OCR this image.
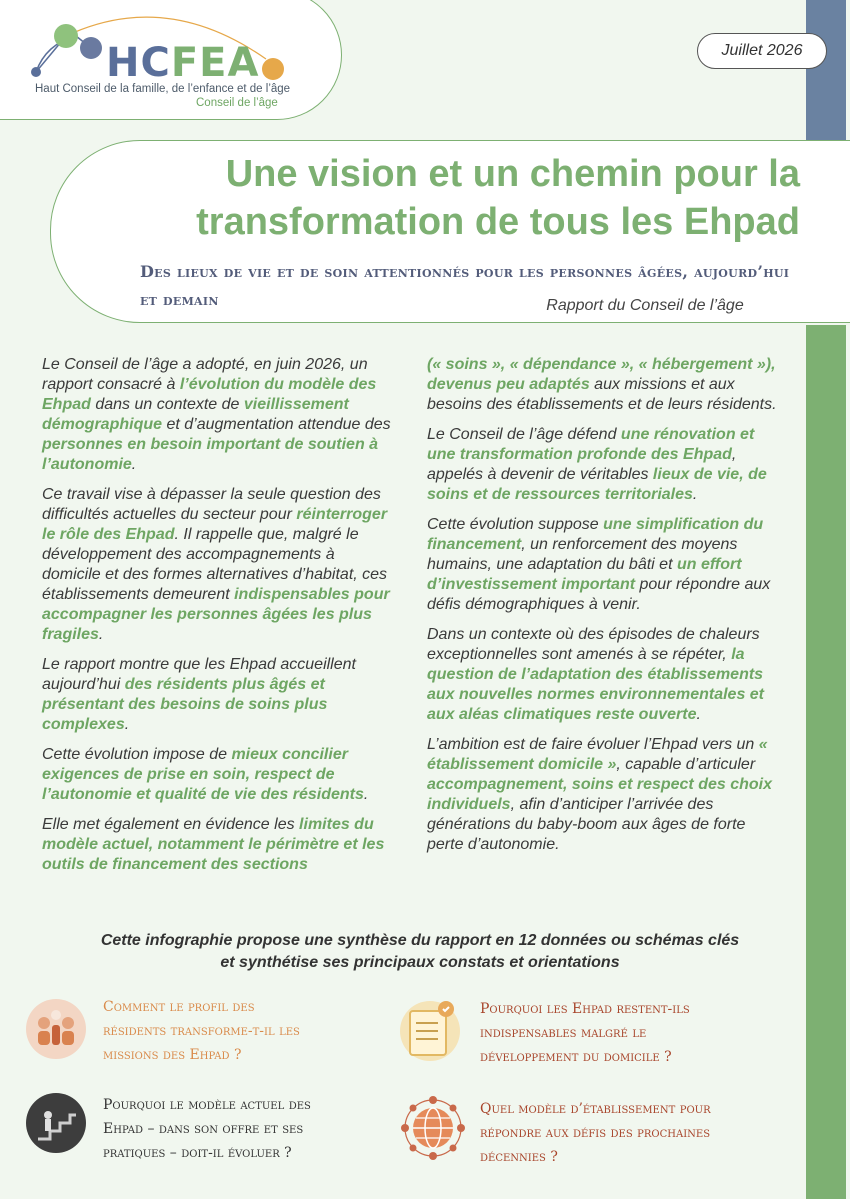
HCFEA
Haut Conseil de la famille, de l’enfance et de l’âge
Conseil de l’âge
Juillet 2026
Une vision et un chemin pour la transformation de tous les Ehpad
Des lieux de vie et de soin attentionnés pour les personnes âgées, aujourd’hui et demain	Rapport du Conseil de l’âge

Le Conseil de l’âge a adopté, en juin 2026, un rapport consacré à l’évolution du modèle des Ehpad dans un contexte de vieillissement démographique et d’augmentation attendue des personnes en besoin important de soutien à l’autonomie.

Ce travail vise à dépasser la seule question des difficultés actuelles du secteur pour réinterroger le rôle des Ehpad. Il rappelle que, malgré le développement des accompagnements à domicile et des formes alternatives d’habitat, ces établissements demeurent indispensables pour accompagner les personnes âgées les plus fragiles.

Le rapport montre que les Ehpad accueillent aujourd’hui des résidents plus âgés et présentant des besoins de soins plus complexes.

Cette évolution impose de mieux concilier exigences de prise en soin, respect de l’autonomie et qualité de vie des résidents.

Elle met également en évidence les limites du modèle actuel, notamment le périmètre et les outils de financement des sections

(« soins », « dépendance », « hébergement »), devenus peu adaptés aux missions et aux besoins des établissements et de leurs résidents.

Le Conseil de l’âge défend une rénovation et une transformation profonde des Ehpad, appelés à devenir de véritables lieux de vie, de soins et de ressources territoriales.

Cette évolution suppose une simplification du financement, un renforcement des moyens humains, une adaptation du bâti et un effort d’investissement important pour répondre aux défis démographiques à venir.

Dans un contexte où des épisodes de chaleurs exceptionnelles sont amenés à se répéter, la question de l’adaptation des établissements aux nouvelles normes environnementales et aux aléas climatiques reste ouverte.

L’ambition est de faire évoluer l’Ehpad vers un « établissement domicile », capable d’articuler accompagnement, soins et respect des choix individuels, afin d’anticiper l’arrivée des générations du baby-boom aux âges de forte perte d’autonomie.

Cette infographie propose une synthèse du rapport en 12 données ou schémas clés
et synthétise ses principaux constats et orientations
Comment le profil des
résidents transforme-t-il les
missions des Ehpad ?
Pourquoi les Ehpad restent-ils
indispensables malgré le
développement du domicile ?
Pourquoi le modèle actuel des
Ehpad – dans son offre et ses
pratiques – doit-il évoluer ?
Quel modèle d’établissement pour
répondre aux défis des prochaines
décennies ?
